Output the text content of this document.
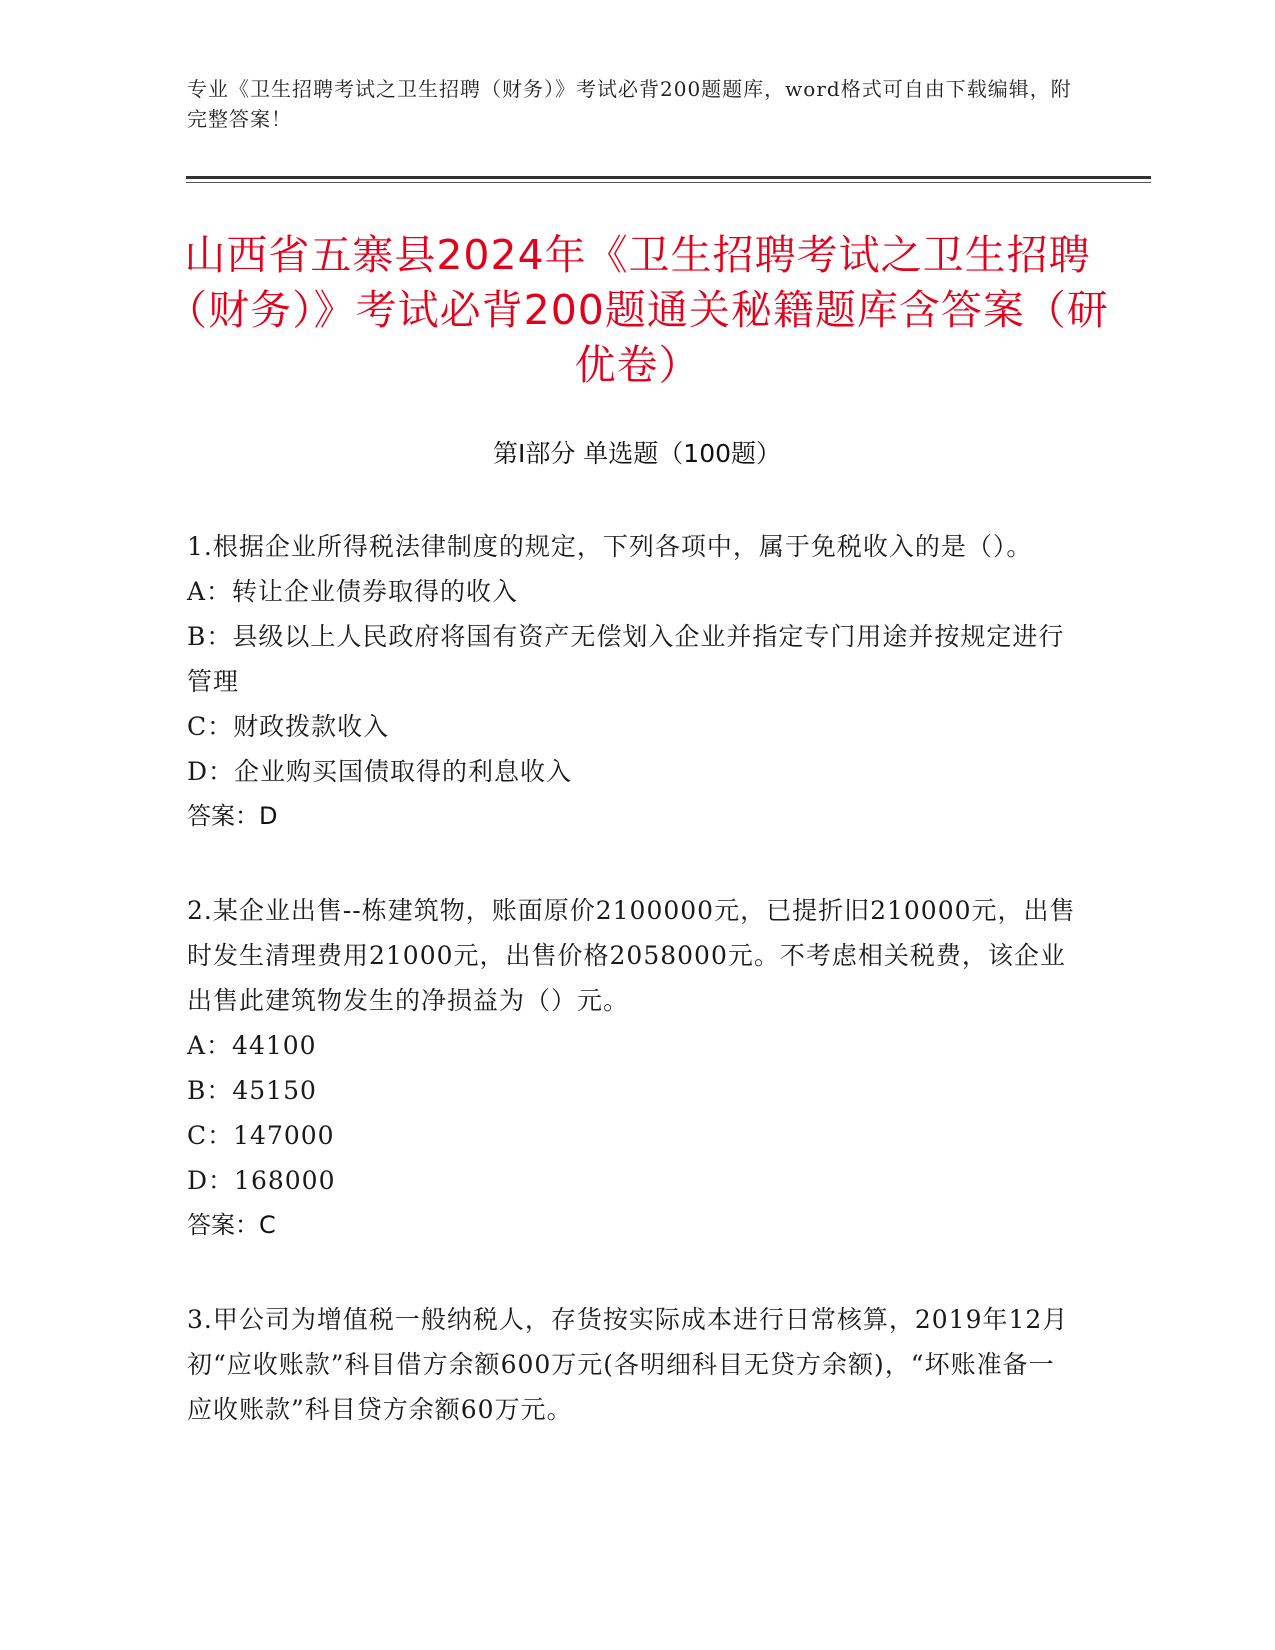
专业《卫生招聘考试之卫生招聘（财务）》考试必背200题题库，word格式可自由下载编辑，附完整答案！
山西省五寨县2024年《卫生招聘考试之卫生招聘（财务）》考试必背200题通关秘籍题库含答案（研优卷）
第Ⅰ部分 单选题（100题）
1.根据企业所得税法律制度的规定，下列各项中，属于免税收入的是（）。
A：转让企业债券取得的收入
B：县级以上人民政府将国有资产无偿划入企业并指定专门用途并按规定进行管理
C：财政拨款收入
D：企业购买国债取得的利息收入
答案：D
2.某企业出售--栋建筑物，账面原价2100000元，已提折旧210000元，出售时发生清理费用21000元，出售价格2058000元。不考虑相关税费，该企业出售此建筑物发生的净损益为（）元。
A：44100
B：45150
C：147000
D：168000
答案：C
3.甲公司为增值税一般纳税人，存货按实际成本进行日常核算，2019年12月初“应收账款”科目借方余额600万元(各明细科目无贷方余额)，“坏账准备一应收账款”科目贷方余额60万元。
